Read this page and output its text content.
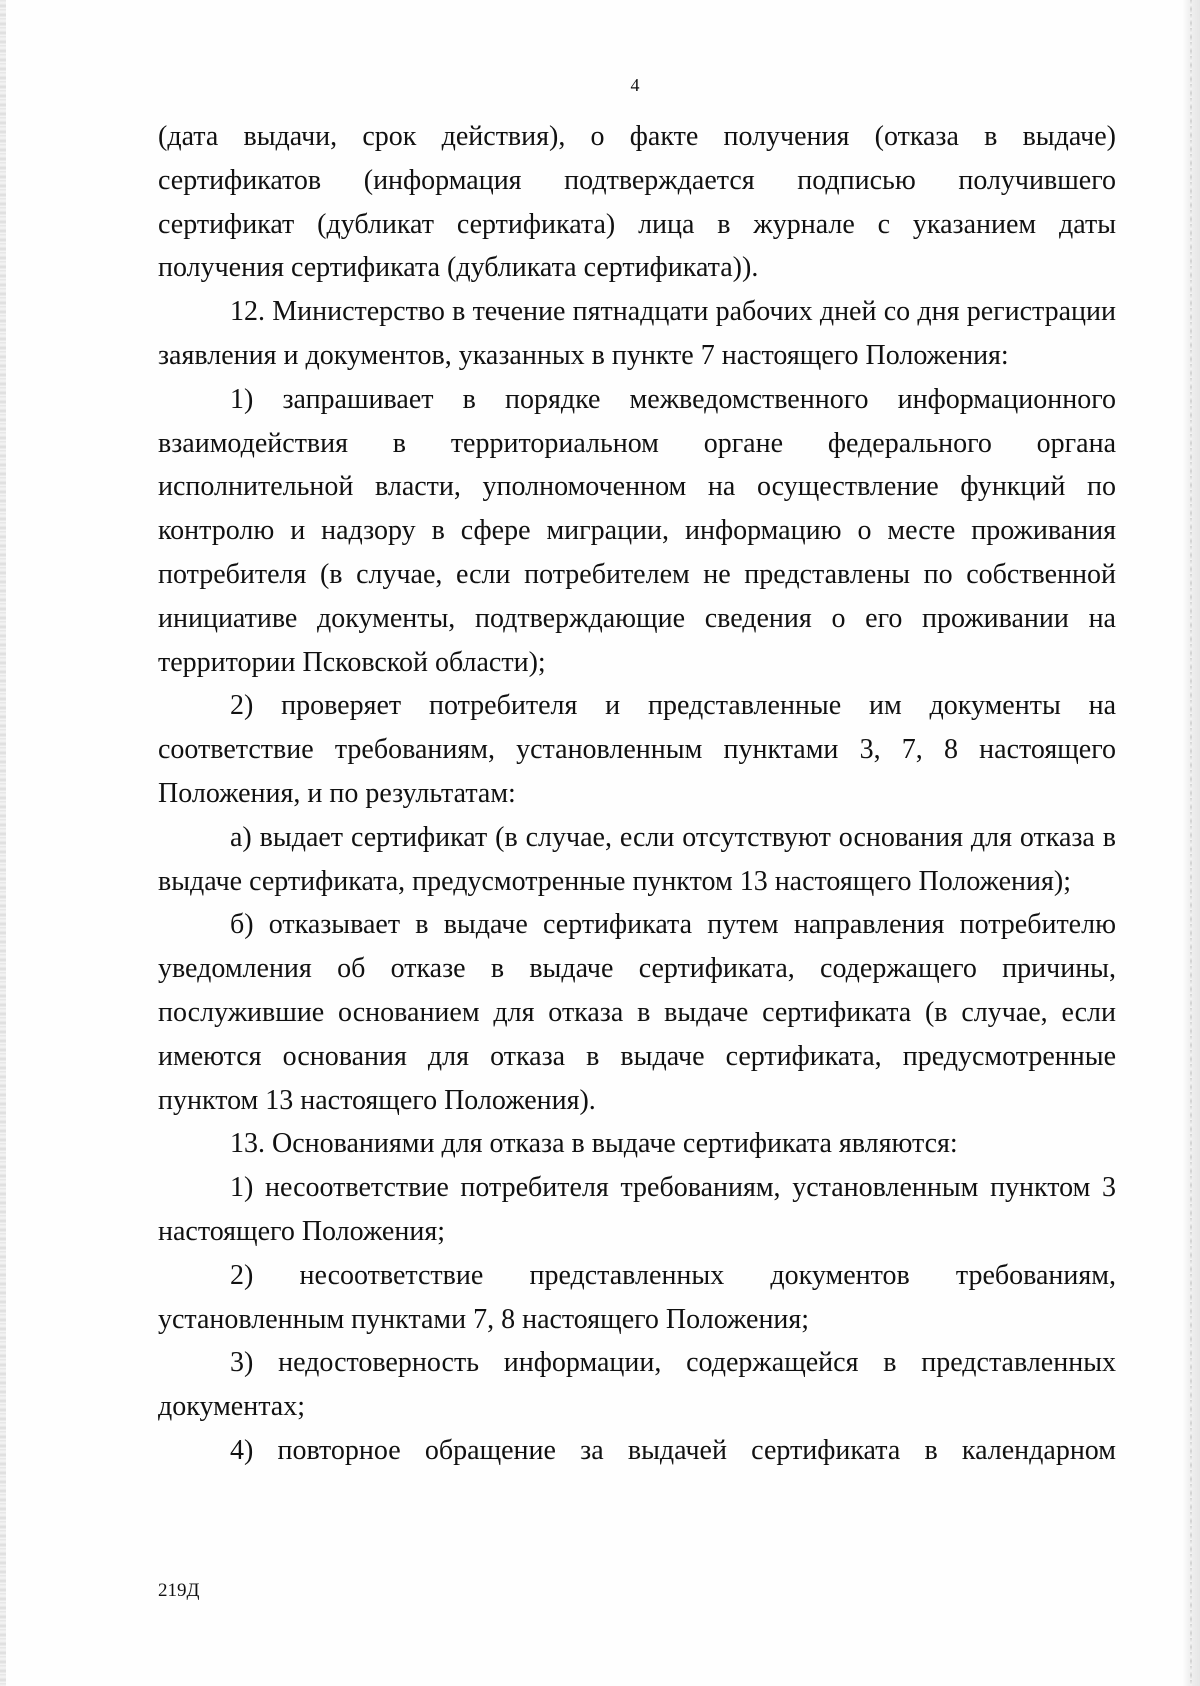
4

(дата выдачи, срок действия), о факте получения (отказа в выдаче) сертификатов (информация подтверждается подписью получившего сертификат (дубликат сертификата) лица в журнале с указанием даты получения сертификата (дубликата сертификата)).

12. Министерство в течение пятнадцати рабочих дней со дня регистрации заявления и документов, указанных в пункте 7 настоящего Положения:

1) запрашивает в порядке межведомственного информационного взаимодействия в территориальном органе федерального органа исполнительной власти, уполномоченном на осуществление функций по контролю и надзору в сфере миграции, информацию о месте проживания потребителя (в случае, если потребителем не представлены по собственной инициативе документы, подтверждающие сведения о его проживании на территории Псковской области);

2) проверяет потребителя и представленные им документы на соответствие требованиям, установленным пунктами 3, 7, 8 настоящего Положения, и по результатам:

а) выдает сертификат (в случае, если отсутствуют основания для отказа в выдаче сертификата, предусмотренные пунктом 13 настоящего Положения);

б) отказывает в выдаче сертификата путем направления потребителю уведомления об отказе в выдаче сертификата, содержащего причины, послужившие основанием для отказа в выдаче сертификата (в случае, если имеются основания для отказа в выдаче сертификата, предусмотренные пунктом 13 настоящего Положения).

13. Основаниями для отказа в выдаче сертификата являются:

1) несоответствие потребителя требованиям, установленным пунктом 3 настоящего Положения;

2) несоответствие представленных документов требованиям, установленным пунктами 7, 8 настоящего Положения;

3) недостоверность информации, содержащейся в представленных документах;

4) повторное обращение за выдачей сертификата в календарном

219Д
